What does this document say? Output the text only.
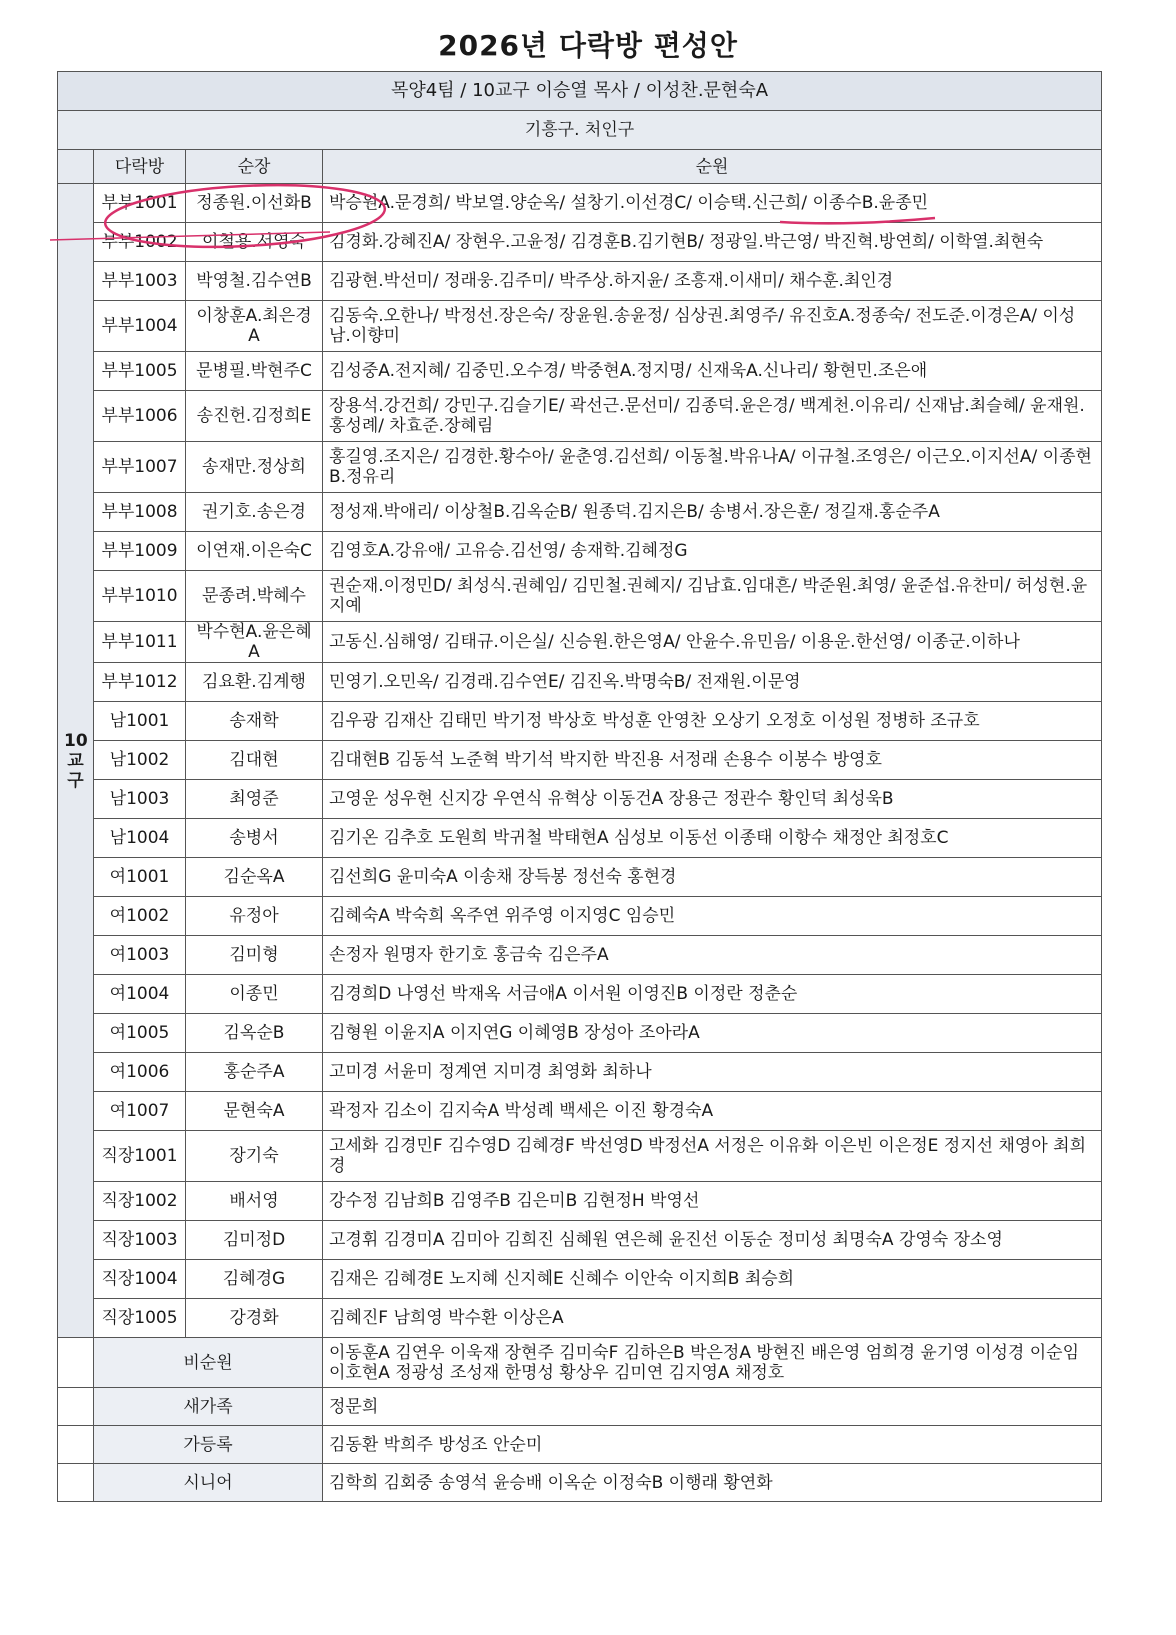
2026년 다락방 편성안
목양4팀 / 10교구 이승열 목사 / 이성찬.문현숙A			
기흥구. 처인구			
	다락방	순장	순원

10
교
구	부부1001	정종원.이선화B	박승원A.문경희/ 박보열.양순옥/ 설창기.이선경C/ 이승택.신근희/ 이종수B.윤종민
	부부1002	이철용.서영숙	김경화.강혜진A/ 장현우.고윤정/ 김경훈B.김기현B/ 정광일.박근영/ 박진혁.방연희/ 이학열.최현숙
	부부1003	박영철.김수연B	김광현.박선미/ 정래웅.김주미/ 박주상.하지윤/ 조흥재.이새미/ 채수훈.최인경
	부부1004	이창훈A.최은경A	김동숙.오한나/ 박정선.장은숙/ 장윤원.송윤정/ 심상권.최영주/ 유진호A.정종숙/ 전도준.이경은A/ 이성남.이향미
	부부1005	문병필.박현주C	김성중A.전지혜/ 김중민.오수경/ 박중현A.정지명/ 신재욱A.신나리/ 황현민.조은애
	부부1006	송진헌.김정희E	장용석.강건희/ 강민구.김슬기E/ 곽선근.문선미/ 김종덕.윤은경/ 백계천.이유리/ 신재남.최슬혜/ 윤재원.홍성례/ 차효준.장혜림
	부부1007	송재만.정상희	홍길영.조지은/ 김경한.황수아/ 윤춘영.김선희/ 이동철.박유나A/ 이규철.조영은/ 이근오.이지선A/ 이종현B.정유리
	부부1008	권기호.송은경	정성재.박애리/ 이상철B.김옥순B/ 원종덕.김지은B/ 송병서.장은훈/ 정길재.홍순주A
	부부1009	이연재.이은숙C	김영호A.강유애/ 고유승.김선영/ 송재학.김혜정G
	부부1010	문종려.박혜수	권순재.이정민D/ 최성식.권혜임/ 김민철.권혜지/ 김남효.임대흔/ 박준원.최영/ 윤준섭.유찬미/ 허성현.윤지예
	부부1011	박수현A.윤은혜A	고동신.심해영/ 김태규.이은실/ 신승원.한은영A/ 안윤수.유민음/ 이용운.한선영/ 이종군.이하나
	부부1012	김요환.김계행	민영기.오민옥/ 김경래.김수연E/ 김진옥.박명숙B/ 전재원.이문영
	남1001	송재학	김우광 김재산 김태민 박기정 박상호 박성훈 안영찬 오상기 오정호 이성원 정병하 조규호
	남1002	김대현	김대현B 김동석 노준혁 박기석 박지한 박진용 서정래 손용수 이봉수 방영호
	남1003	최영준	고영운 성우현 신지강 우연식 유혁상 이동건A 장용근 정관수 황인덕 최성욱B
	남1004	송병서	김기온 김추호 도원희 박귀철 박태현A 심성보 이동선 이종태 이항수 채정안 최정호C
	여1001	김순옥A	김선희G 윤미숙A 이송채 장득봉 정선숙 홍현경
	여1002	유정아	김혜숙A 박숙희 옥주연 위주영 이지영C 임승민
	여1003	김미형	손정자 원명자 한기호 홍금숙 김은주A
	여1004	이종민	김경희D 나영선 박재옥 서금애A 이서원 이영진B 이정란 정춘순
	여1005	김옥순B	김형원 이윤지A 이지연G 이혜영B 장성아 조아라A
	여1006	홍순주A	고미경 서윤미 정계연 지미경 최영화 최하나
	여1007	문현숙A	곽정자 김소이 김지숙A 박성례 백세은 이진 황경숙A
	직장1001	장기숙	고세화 김경민F 김수영D 김혜경F 박선영D 박정선A 서정은 이유화 이은빈 이은정E 정지선 채영아 최희경
	직장1002	배서영	강수정 김남희B 김영주B 김은미B 김현정H 박영선
	직장1003	김미정D	고경휘 김경미A 김미아 김희진 심혜원 연은혜 윤진선 이동순 정미성 최명숙A 강영숙 장소영
	직장1004	김혜경G	김재은 김혜경E 노지혜 신지혜E 신혜수 이안숙 이지희B 최승희
	직장1005	강경화	김혜진F 남희영 박수환 이상은A
	비순원		이동훈A 김연우 이욱재 장현주 김미숙F 김하은B 박은정A 방현진 배은영 엄희경 윤기영 이성경 이순임 이호현A 정광성 조성재 한명성 황상우 김미연 김지영A 채정호
	새가족		정문희
	가등록		김동환 박희주 방성조 안순미
	시니어		김학희 김회중 송영석 윤승배 이옥순 이정숙B 이행래 황연화
